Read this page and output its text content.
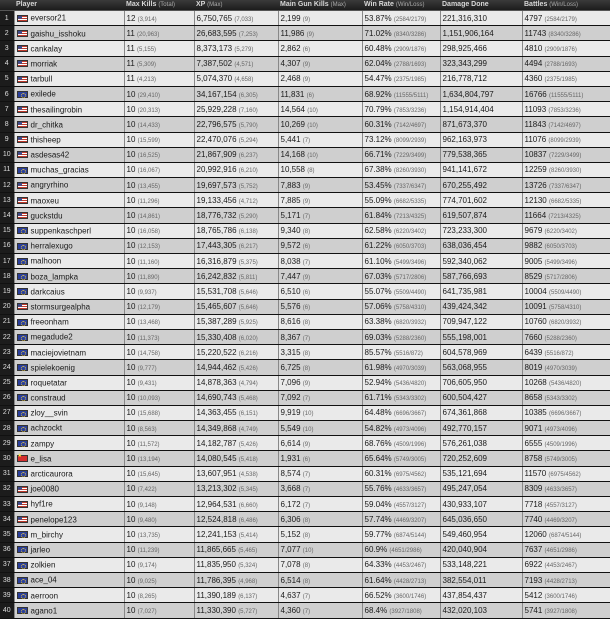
	Player	Max Kills (Total)	XP (Max)	Main Gun Kills (Max)	Win Rate (Win/Loss)	Damage Done	Battles (Win/Loss)
1	eversor21	12 (3,914)	6,750,765 (7,033)	2,199 (9)	53.87% (2584/2179)	221,316,310	4797 (2584/2179)
2	gaishu_isshoku	11 (20,963)	26,683,595 (7,253)	11,986 (9)	71.02% (8340/3286)	1,151,906,164	11743 (8340/3286)
3	cankalay	11 (5,155)	8,373,173 (5,279)	2,862 (6)	60.48% (2909/1876)	298,925,466	4810 (2909/1876)
4	morriak	11 (5,309)	7,387,502 (4,571)	4,307 (9)	62.04% (2788/1693)	323,343,299	4494 (2788/1693)
5	tarbull	11 (4,213)	5,074,370 (4,658)	2,468 (9)	54.47% (2375/1985)	216,778,712	4360 (2375/1985)
6	exilede	10 (29,410)	34,167,154 (6,305)	11,831 (6)	68.92% (11555/5111)	1,634,804,797	16766 (11555/5111)
7	thesailingrobin	10 (20,313)	25,929,228 (7,160)	14,564 (10)	70.79% (7853/3236)	1,154,914,404	11093 (7853/3236)
8	dr_chitka	10 (14,433)	22,796,575 (5,790)	10,269 (10)	60.31% (7142/4697)	871,673,370	11843 (7142/4697)
9	thisheep	10 (15,599)	22,470,076 (5,294)	5,441 (7)	73.12% (8099/2939)	962,163,973	11076 (8099/2939)
10	asdesas42	10 (16,525)	21,867,909 (6,237)	14,168 (10)	66.71% (7229/3499)	779,538,365	10837 (7229/3499)
11	muchas_gracias	10 (16,067)	20,992,916 (6,210)	10,558 (8)	67.38% (8260/3930)	941,141,672	12259 (8260/3930)
12	angryrhino	10 (13,455)	19,697,573 (5,752)	7,883 (9)	53.45% (7337/6347)	670,255,492	13726 (7337/6347)
13	maoxeu	10 (11,296)	19,133,456 (4,712)	7,885 (9)	55.09% (6682/5335)	774,701,602	12130 (6682/5335)
14	guckstdu	10 (14,861)	18,776,732 (5,290)	5,171 (7)	61.84% (7213/4325)	619,507,874	11664 (7213/4325)
15	suppenkaschperl	10 (16,058)	18,765,786 (6,138)	9,340 (8)	62.58% (6220/3402)	723,233,300	9679 (6220/3402)
16	herralexugo	10 (12,153)	17,443,305 (6,217)	9,572 (6)	61.22% (6050/3703)	638,036,454	9882 (6050/3703)
17	malhoon	10 (11,160)	16,316,879 (5,375)	8,038 (7)	61.10% (5499/3496)	592,340,062	9005 (5499/3496)
18	boza_lampka	10 (11,890)	16,242,832 (5,811)	7,447 (9)	67.03% (5717/2806)	587,766,693	8529 (5717/2806)
19	darkcaius	10 (9,937)	15,531,708 (5,646)	6,510 (6)	55.07% (5509/4490)	641,735,981	10004 (5509/4490)
20	stormsurgealpha	10 (12,179)	15,465,607 (5,646)	5,576 (6)	57.06% (5758/4310)	439,424,342	10091 (5758/4310)
21	freeonham	10 (13,468)	15,387,289 (5,925)	8,616 (8)	63.38% (6820/3932)	709,947,122	10760 (6820/3932)
22	megadude2	10 (11,373)	15,330,408 (6,020)	8,367 (7)	69.03% (5288/2360)	555,198,001	7660 (5288/2360)
23	maciejovietnam	10 (14,758)	15,220,522 (6,216)	3,315 (8)	85.57% (5516/872)	604,578,969	6439 (5516/872)
24	spielekoenig	10 (9,777)	14,944,462 (5,426)	6,725 (8)	61.98% (4970/3039)	563,068,955	8019 (4970/3039)
25	roquetatar	10 (9,431)	14,878,363 (4,794)	7,096 (9)	52.94% (5436/4820)	706,605,950	10268 (5436/4820)
26	constraud	10 (10,093)	14,690,743 (5,468)	7,092 (7)	61.71% (5343/3302)	600,504,427	8658 (5343/3302)
27	zloy__svin	10 (15,688)	14,363,455 (6,151)	9,919 (10)	64.48% (6696/3667)	674,361,868	10385 (6696/3667)
28	achzockt	10 (8,563)	14,349,868 (4,749)	5,549 (10)	54.82% (4973/4096)	492,770,157	9071 (4973/4096)
29	zampy	10 (11,572)	14,182,787 (5,426)	6,614 (9)	68.76% (4509/1996)	576,261,038	6555 (4509/1996)
30	★e_lisa	10 (13,194)	14,080,545 (5,418)	1,931 (6)	65.64% (5749/3005)	720,252,609	8758 (5749/3005)
31	arcticaurora	10 (15,645)	13,607,951 (4,538)	8,574 (7)	60.31% (6975/4562)	535,121,694	11570 (6975/4562)
32	joe0080	10 (7,422)	13,213,302 (5,345)	3,668 (7)	55.76% (4633/3657)	495,247,054	8309 (4633/3657)
33	hyf1re	10 (9,148)	12,964,531 (6,660)	6,172 (7)	59.04% (4557/3127)	430,933,107	7718 (4557/3127)
34	penelope123	10 (9,480)	12,524,818 (6,486)	6,306 (8)	57.74% (4469/3207)	645,036,650	7740 (4469/3207)
35	m_birchy	10 (13,735)	12,241,153 (5,414)	5,152 (8)	59.77% (6874/5144)	549,460,954	12060 (6874/5144)
36	jarleo	10 (11,239)	11,865,665 (5,465)	7,077 (10)	60.9% (4651/2986)	420,040,904	7637 (4651/2986)
37	zolkien	10 (9,174)	11,835,950 (5,324)	7,078 (8)	64.33% (4453/2467)	533,148,221	6922 (4453/2467)
38	ace_04	10 (9,025)	11,786,395 (4,968)	6,514 (8)	61.64% (4428/2713)	382,554,011	7193 (4428/2713)
39	aerroon	10 (8,265)	11,390,189 (6,137)	4,637 (7)	66.52% (3600/1746)	437,854,437	5412 (3600/1746)
40	agano1	10 (7,027)	11,330,390 (5,727)	4,360 (7)	68.4% (3927/1808)	432,020,103	5741 (3927/1808)
